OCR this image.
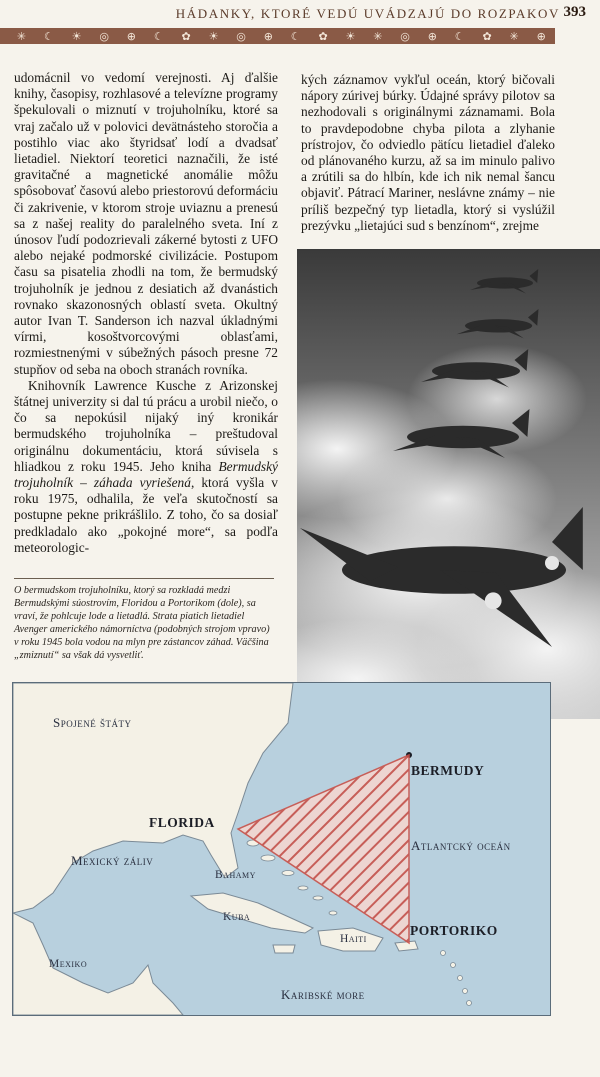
HÁDANKY, KTORÉ VEDÚ UVÁDZAJÚ DO ROZPAKOV 393
✳ ☾ ☀ ◎ ⊕ ☾ ✿ ☀ ◎ ⊕ ☾ ✿ ☀ ✳ ◎ ⊕ ☾ ✿ ✳ ⊕

udomácnil vo vedomí verejnosti. Aj ďalšie knihy, časopisy, rozhlasové a televízne programy špekulovali o miznutí v trojuholníku, ktoré sa vraj začalo už v polovici devätnásteho storočia a postihlo viac ako štyridsať lodí a dvadsať lietadiel. Niektorí teoretici naznačili, že isté gravitačné a magnetické anomálie môžu spôsobovať časovú alebo priestorovú deformáciu či zakrivenie, v ktorom stroje uviaznu a prenesú sa z našej reality do paralelného sveta. Iní z únosov ľudí podozrievali zákerné bytosti z UFO alebo nejaké podmorské civilizácie. Postupom času sa pisatelia zhodli na tom, že bermudský trojuholník je jednou z desiatich až dvanástich rovnako skazonosných oblastí sveta. Okultný autor Ivan T. Sanderson ich nazval úkladnými vírmi, kosoštvorcovými oblasťami, rozmiestnenými v súbežných pásoch presne 72 stupňov od seba na oboch stranách rovníka.

Knihovník Lawrence Kusche z Arizonskej štátnej univerzity si dal tú prácu a urobil niečo, o čo sa nepokúsil nijaký iný kronikár bermudského trojuholníka – preštudoval originálnu dokumentáciu, ktorá súvisela s hliadkou z roku 1945. Jeho kniha Bermudský trojuholník – záhada vyriešená, ktorá vyšla v roku 1975, odhalila, že veľa skutočností sa postupne pekne prikrášlilo. Z toho, čo sa dosiaľ predkladalo ako „pokojné more“, sa podľa meteorologic-

kých záznamov vykľul oceán, ktorý bičovali nápory zúrivej búrky. Údajné správy pilotov sa nezhodovali s originálnymi záznamami. Bola to pravdepodobne chyba pilota a zlyhanie prístrojov, čo odviedlo pätícu lietadiel ďaleko od plánovaného kurzu, až sa im minulo palivo a zrútili sa do hlbín, kde ich nik nemal šancu objaviť. Pátrací Mariner, neslávne známy – nie príliš bezpečný typ lietadla, ktorý si vyslúžil prezývku „lietajúci sud s benzínom“, zrejme

O bermudskom trojuholníku, ktorý sa rozkladá medzi Bermudskými súostrovím, Floridou a Portorikom (dole), sa vraví, že pohlcuje lode a lietadlá. Strata piatich lietadiel Avenger amerického námorníctva (podobných strojom vpravo) v roku 1945 bola vodou na mlyn pre zástancov záhad. Väčšina „zmiznutí“ sa však dá vysvetliť.
Spojené štáty
FLORIDA
BERMUDY
Mexický záliv
Bahamy
Atlantcký oceán
Kuba
Haiti
PORTORIKO
Mexiko
Karibské more
